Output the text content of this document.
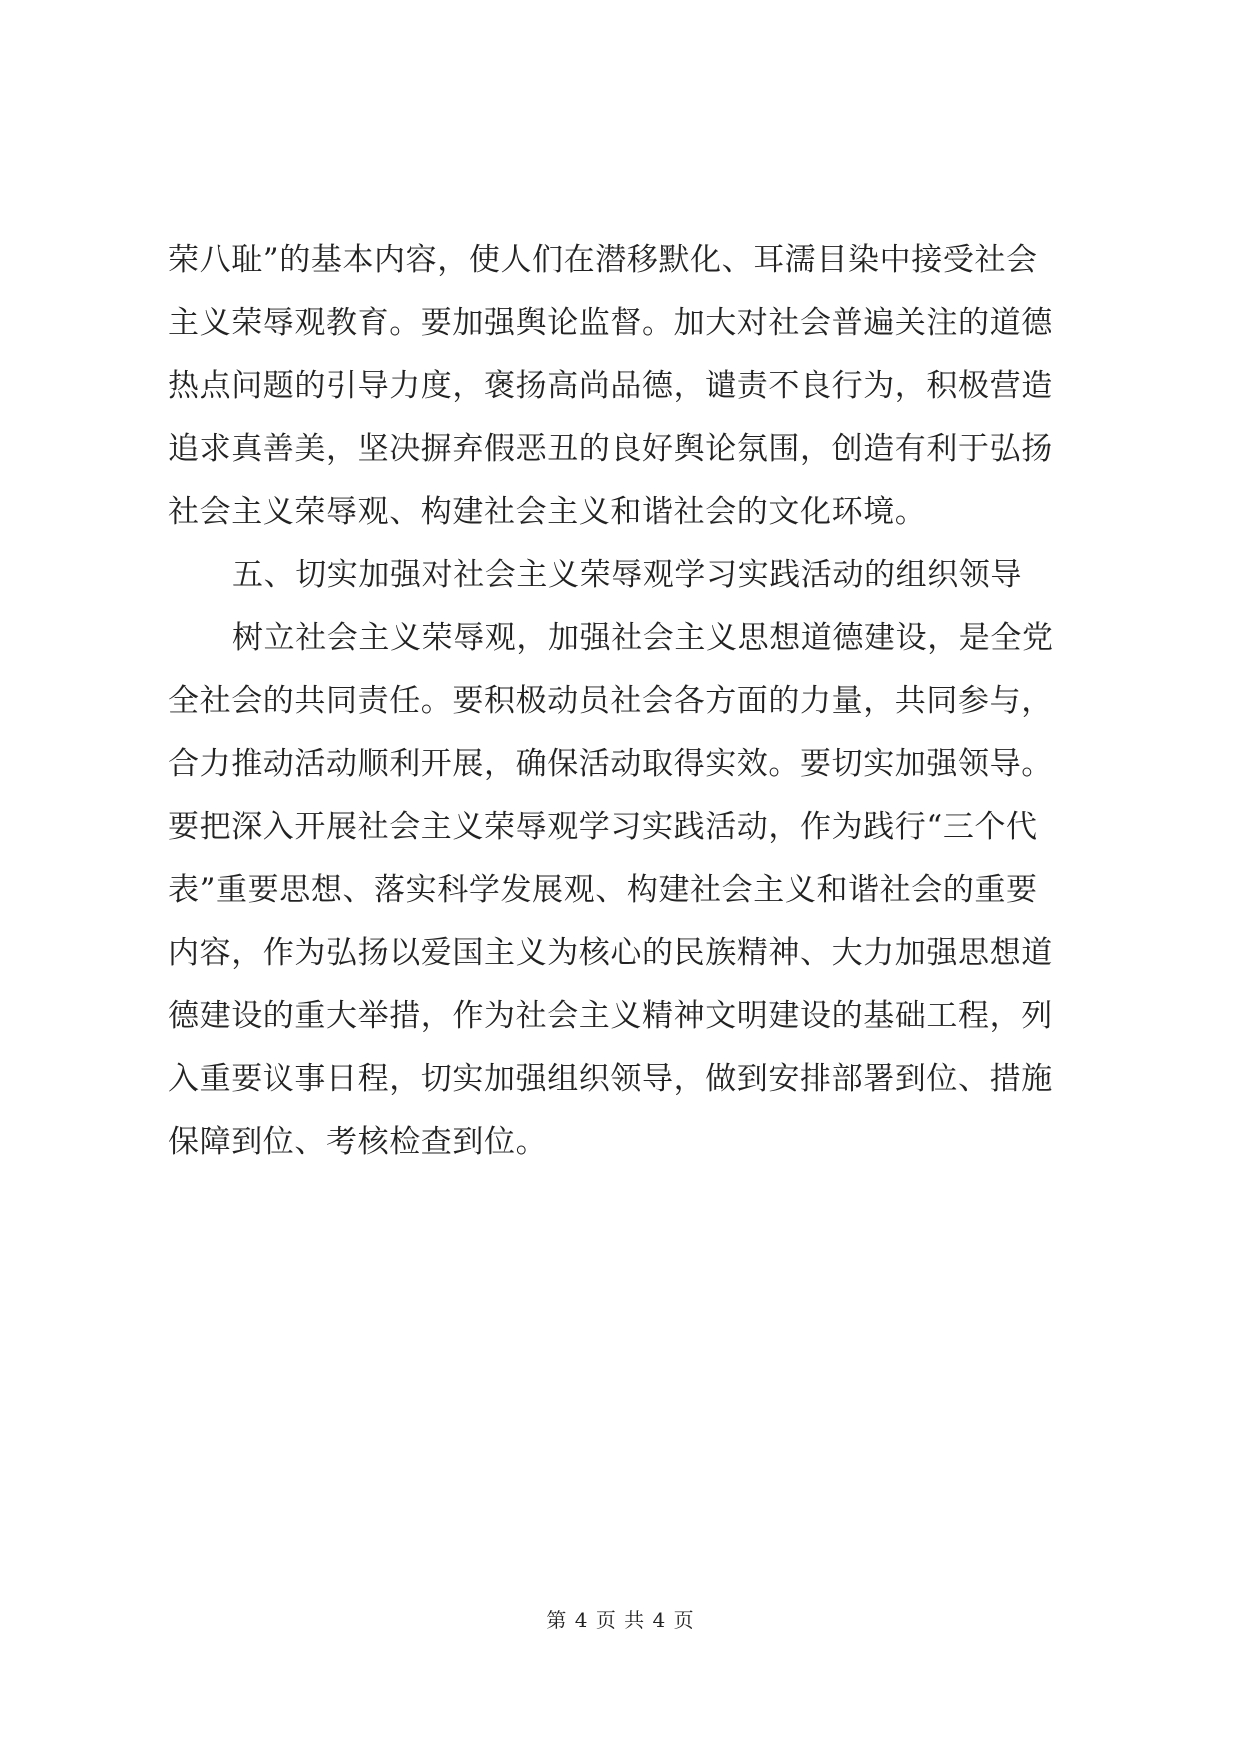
荣八耻”的基本内容，使人们在潜移默化、耳濡目染中接受社会
主义荣辱观教育。要加强舆论监督。加大对社会普遍关注的道德
热点问题的引导力度，褒扬高尚品德，谴责不良行为，积极营造
追求真善美，坚决摒弃假恶丑的良好舆论氛围，创造有利于弘扬
社会主义荣辱观、构建社会主义和谐社会的文化环境。
五、切实加强对社会主义荣辱观学习实践活动的组织领导
树立社会主义荣辱观，加强社会主义思想道德建设，是全党
全社会的共同责任。要积极动员社会各方面的力量，共同参与，
合力推动活动顺利开展，确保活动取得实效。要切实加强领导。
要把深入开展社会主义荣辱观学习实践活动，作为践行“三个代
表”重要思想、落实科学发展观、构建社会主义和谐社会的重要
内容，作为弘扬以爱国主义为核心的民族精神、大力加强思想道
德建设的重大举措，作为社会主义精神文明建设的基础工程，列
入重要议事日程，切实加强组织领导，做到安排部署到位、措施
保障到位、考核检查到位。
第 4 页 共 4 页
